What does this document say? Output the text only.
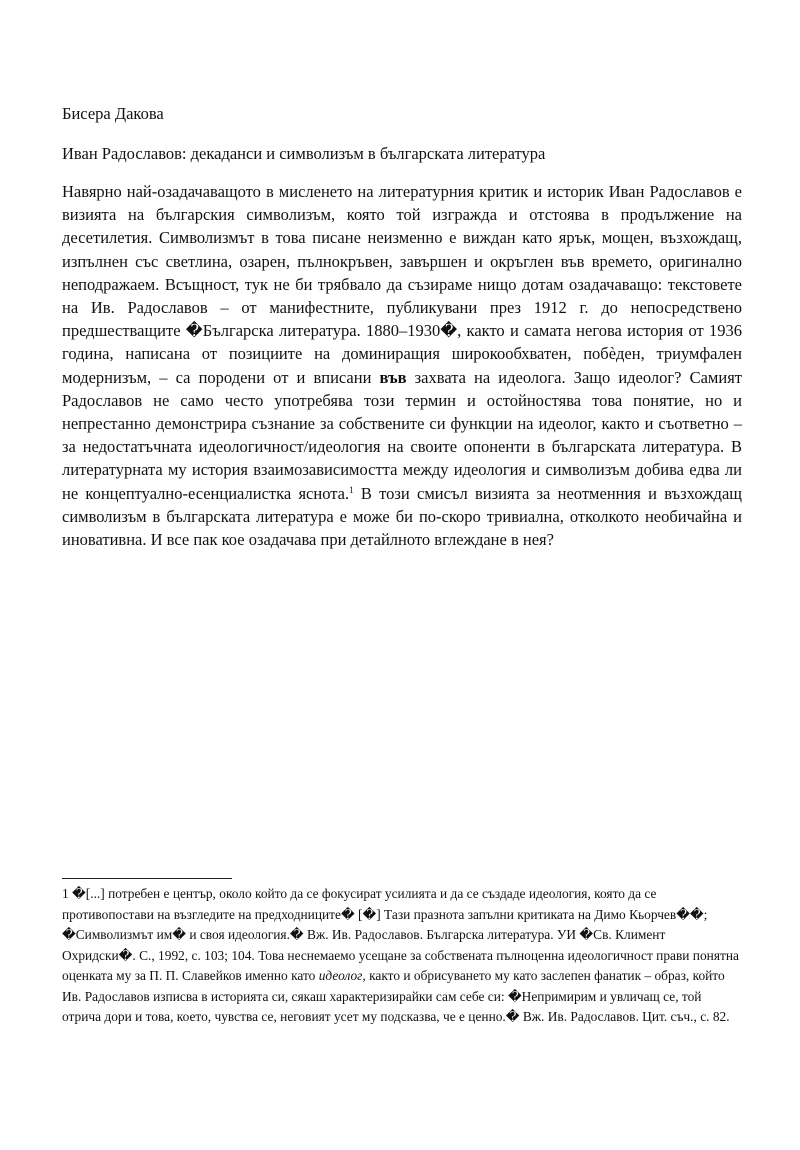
Бисера Дакова
Иван Радославов: декаданси и символизъм в българската литература

Навярно най-озадачаващото в мисленето на литературния критик и историк Иван Радославов е визията на българския символизъм, която той изгражда и отстоява в продължение на десетилетия. Символизмът в това писане неизменно е виждан като ярък, мощен, възхождащ, изпълнен със светлина, озарен, пълнокръвен, завършен и окръглен във времето, оригинално неподражаем. Всъщност, тук не би трябвало да съзираме нищо дотам озадачаващо: текстовете на Ив. Радославов – от манифестните, публикувани през 1912 г. до непосредствено предшестващите �Българска литература. 1880–1930�, както и самата негова история от 1936 година, написана от позициите на доминиращия широкообхватен, побѐден, триумфален модернизъм, – са породени от и вписани във захвата на идеолога. Защо идеолог? Самият Радославов не само често употребява този термин и остойностява това понятие, но и непрестанно демонстрира съзнание за собствените си функции на идеолог, както и съответно – за недостатъчната идеологичност/идеология на своите опоненти в българската литература. В литературната му история взаимозависимостта между идеология и символизъм добива едва ли не концептуално-есенциалистка яснота.$^1$ В този смисъл визията за неотменния и възхождащ символизъм в българската литература е може би по-скоро тривиална, отколкото необичайна и иновативна. И все пак кое озадачава при детайлното вглеждане в нея?

1 �[...] потребен е център, около който да се фокусират усилията и да се създаде идеология, която да се противопостави на възгледите на предходниците� [�] Тази празнота запълни критиката на Димо Кьорчев��; �Символизмът им� и своя идеология.� Вж. Ив. Радославов. Българска литература. УИ �Св. Климент Охридски�. С., 1992, с. 103; 104. Това неснемаемо усещане за собствената пълноценна идеологичност прави понятна оценката му за П. П. Славейков именно като идеолог, както и обрисуването му като заслепен фанатик – образ, който Ив. Радославов изписва в историята си, сякаш характеризирайки сам себе си: �Непримирим и увличащ се, той отрича дори и това, което, чувства се, неговият усет му подсказва, че е ценно.� Вж. Ив. Радославов. Цит. съч., с. 82.
